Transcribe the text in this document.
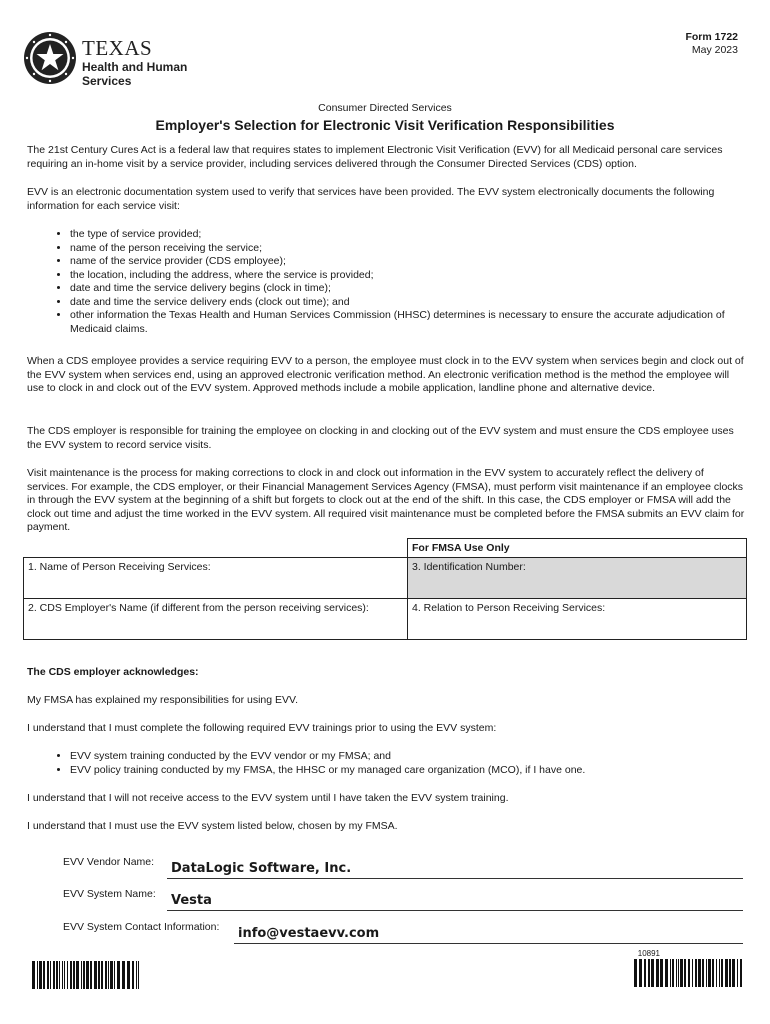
TEXAS
Health and Human
Services
Form 1722
May 2023
Consumer Directed Services
Employer's Selection for Electronic Visit Verification Responsibilities
The 21st Century Cures Act is a federal law that requires states to implement Electronic Visit Verification (EVV) for all Medicaid personal care services requiring an in-home visit by a service provider, including services delivered through the Consumer Directed Services (CDS) option.
EVV is an electronic documentation system used to verify that services have been provided. The EVV system electronically documents the following information for each service visit:
• the type of service provided;
• name of the person receiving the service;
• name of the service provider (CDS employee);
• the location, including the address, where the service is provided;
• date and time the service delivery begins (clock in time);
• date and time the service delivery ends (clock out time); and
• other information the Texas Health and Human Services Commission (HHSC) determines is necessary to ensure the accurate adjudication of Medicaid claims.
When a CDS employee provides a service requiring EVV to a person, the employee must clock in to the EVV system when services begin and clock out of the EVV system when services end, using an approved electronic verification method. An electronic verification method is the method the employee will use to clock in and clock out of the EVV system. Approved methods include a mobile application, landline phone and alternative device.
The CDS employer is responsible for training the employee on clocking in and clocking out of the EVV system and must ensure the CDS employee uses the EVV system to record service visits.
Visit maintenance is the process for making corrections to clock in and clock out information in the EVV system to accurately reflect the delivery of services. For example, the CDS employer, or their Financial Management Services Agency (FMSA), must perform visit maintenance if an employee clocks in through the EVV system at the beginning of a shift but forgets to clock out at the end of the shift. In this case, the CDS employer or FMSA will add the clock out time and adjust the time worked in the EVV system. All required visit maintenance must be completed before the FMSA submits an EVV claim for payment.
For FMSA Use Only
1. Name of Person Receiving Services:	3. Identification Number:
2. CDS Employer's Name (if different from the person receiving services):	4. Relation to Person Receiving Services:
The CDS employer acknowledges:
My FMSA has explained my responsibilities for using EVV.
I understand that I must complete the following required EVV trainings prior to using the EVV system:
• EVV system training conducted by the EVV vendor or my FMSA; and
• EVV policy training conducted by my FMSA, the HHSC or my managed care organization (MCO), if I have one.
I understand that I will not receive access to the EVV system until I have taken the EVV system training.
I understand that I must use the EVV system listed below, chosen by my FMSA.
EVV Vendor Name: DataLogic Software, Inc.
EVV System Name: Vesta
EVV System Contact Information: info@vestaevv.com
10891
